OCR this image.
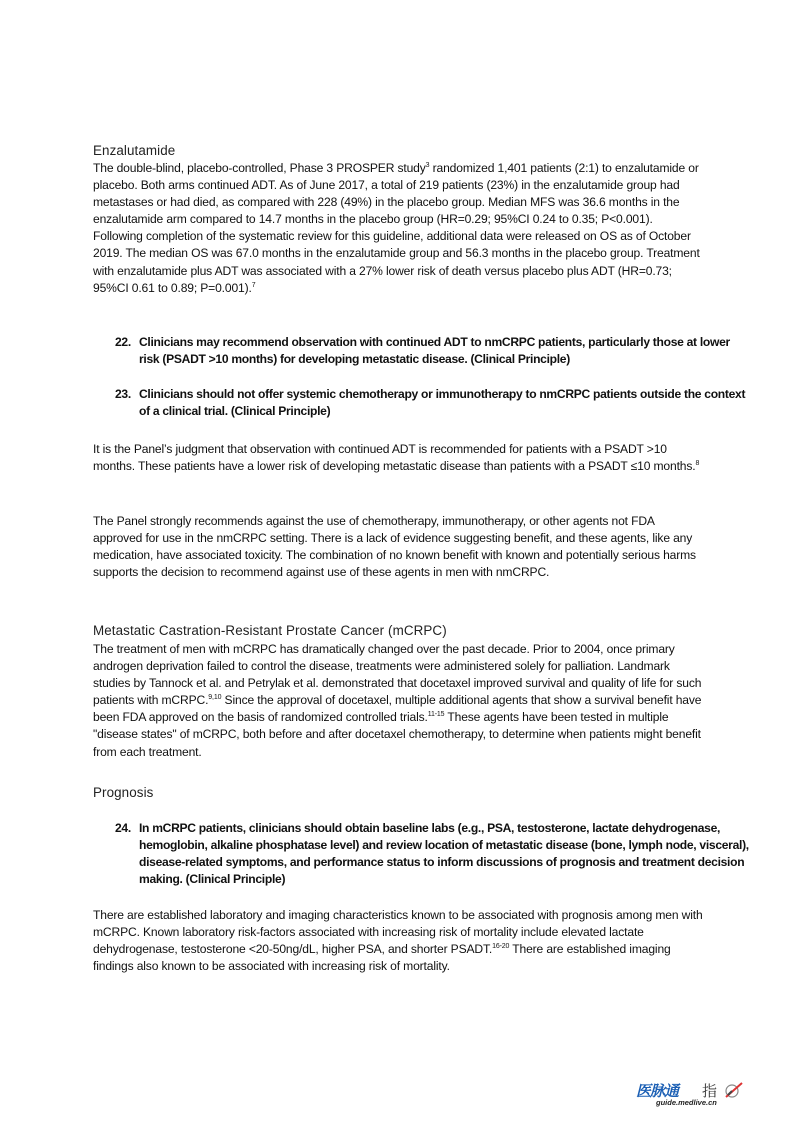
Enzalutamide

The double-blind, placebo-controlled, Phase 3 PROSPER study$^3$ randomized 1,401 patients (2:1) to enzalutamide or placebo. Both arms continued ADT. As of June 2017, a total of 219 patients (23%) in the enzalutamide group had metastases or had died, as compared with 228 (49%) in the placebo group. Median MFS was 36.6 months in the enzalutamide arm compared to 14.7 months in the placebo group (HR=0.29; 95%CI 0.24 to 0.35; P<0.001). Following completion of the systematic review for this guideline, additional data were released on OS as of October 2019. The median OS was 67.0 months in the enzalutamide group and 56.3 months in the placebo group. Treatment with enzalutamide plus ADT was associated with a 27% lower risk of death versus placebo plus ADT (HR=0.73; 95%CI 0.61 to 0.89; P=0.001).$^7$

22. Clinicians may recommend observation with continued ADT to nmCRPC patients, particularly those at lower risk (PSADT >10 months) for developing metastatic disease. (Clinical Principle)
23. Clinicians should not offer systemic chemotherapy or immunotherapy to nmCRPC patients outside the context of a clinical trial. (Clinical Principle)

It is the Panel’s judgment that observation with continued ADT is recommended for patients with a PSADT >10 months. These patients have a lower risk of developing metastatic disease than patients with a PSADT ≤10 months.$^8$

The Panel strongly recommends against the use of chemotherapy, immunotherapy, or other agents not FDA approved for use in the nmCRPC setting. There is a lack of evidence suggesting benefit, and these agents, like any medication, have associated toxicity. The combination of no known benefit with known and potentially serious harms supports the decision to recommend against use of these agents in men with nmCRPC.

Metastatic Castration-Resistant Prostate Cancer (mCRPC)

The treatment of men with mCRPC has dramatically changed over the past decade. Prior to 2004, once primary androgen deprivation failed to control the disease, treatments were administered solely for palliation. Landmark studies by Tannock et al. and Petrylak et al. demonstrated that docetaxel improved survival and quality of life for such patients with mCRPC.$^{9,10}$ Since the approval of docetaxel, multiple additional agents that show a survival benefit have been FDA approved on the basis of randomized controlled trials.$^{11-15}$ These agents have been tested in multiple "disease states" of mCRPC, both before and after docetaxel chemotherapy, to determine when patients might benefit from each treatment.

Prognosis
24. In mCRPC patients, clinicians should obtain baseline labs (e.g., PSA, testosterone, lactate dehydrogenase, hemoglobin, alkaline phosphatase level) and review location of metastatic disease (bone, lymph node, visceral), disease-related symptoms, and performance status to inform discussions of prognosis and treatment decision making. (Clinical Principle)

There are established laboratory and imaging characteristics known to be associated with prognosis among men with mCRPC. Known laboratory risk-factors associated with increasing risk of mortality include elevated lactate dehydrogenase, testosterone <20-50ng/dL, higher PSA, and shorter PSADT.$^{16-20}$ There are established imaging findings also known to be associated with increasing risk of mortality.

医脉通 指
guide.medlive.cn
